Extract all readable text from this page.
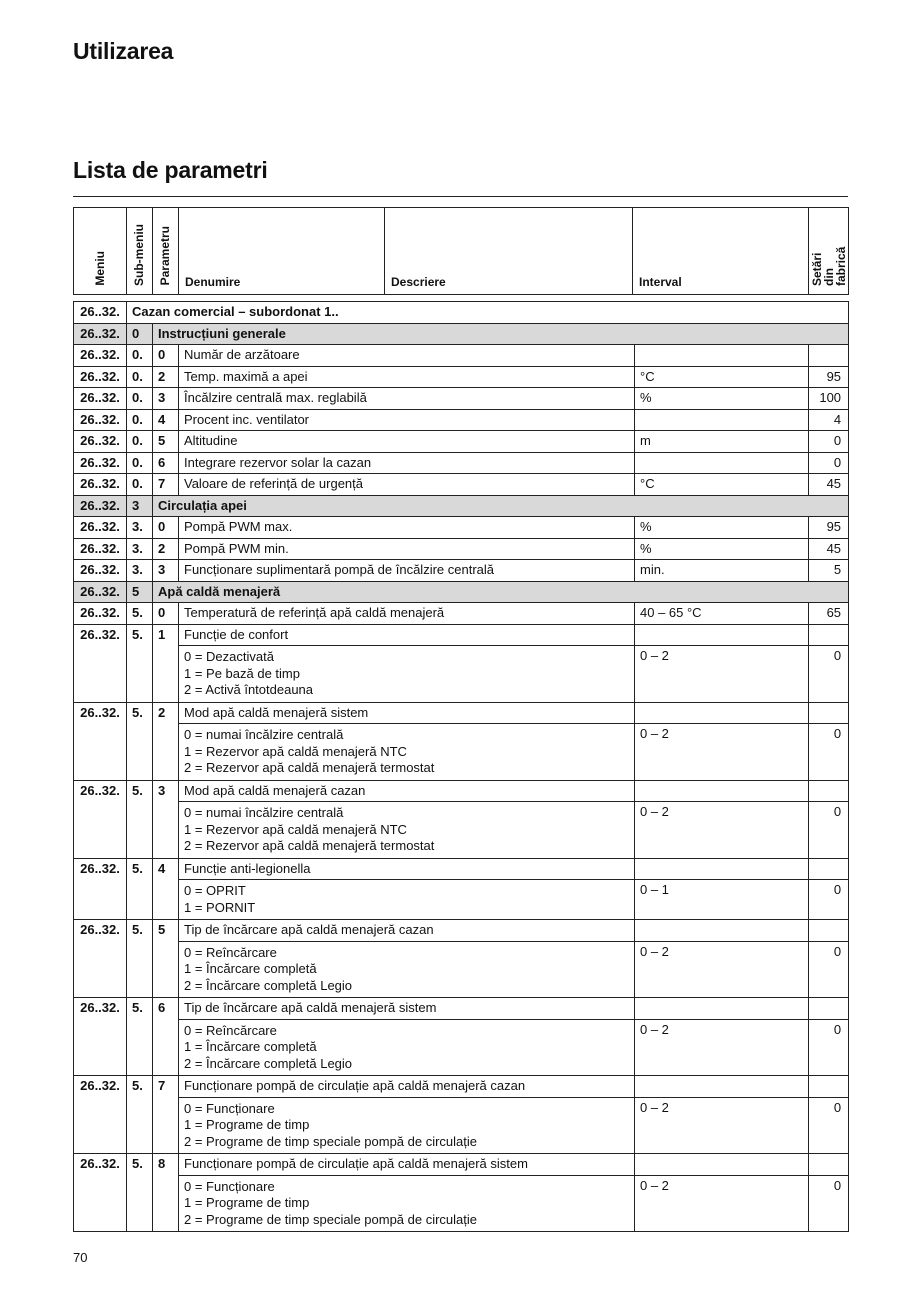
Utilizarea
Lista de parametri
Meniu	Sub-meniu	Parametru	Denumire	Descriere	Interval	Setări din fabrică
26..32.	Cazan comercial – subordonat 1..				
26..32.	0	Instrucțiuni generale			
26..32.	0.	0	Număr de arzătoare		
26..32.	0.	2	Temp. maximă a apei	°C	95
26..32.	0.	3	Încălzire centrală max. reglabilă	%	100
26..32.	0.	4	Procent inc. ventilator		4
26..32.	0.	5	Altitudine	m	0
26..32.	0.	6	Integrare rezervor solar la cazan		0
26..32.	0.	7	Valoare de referință de urgență	°C	45
26..32.	3	Circulația apei			
26..32.	3.	0	Pompă PWM max.	%	95
26..32.	3.	2	Pompă PWM min.	%	45
26..32.	3.	3	Funcționare suplimentară pompă de încălzire centrală	min.	5
26..32.	5	Apă caldă menajeră			
26..32.	5.	0	Temperatură de referință apă caldă menajeră	40 – 65 °C	65
26..32.	5.	1	Funcție de confort		

			0 = Dezactivată
1 = Pe bază de timp
2 = Activă întotdeauna	0 – 2	0
26..32.	5.	2	Mod apă caldă menajeră sistem		

			0 = numai încălzire centrală
1 = Rezervor apă caldă menajeră NTC
2 = Rezervor apă caldă menajeră termostat	0 – 2	0
26..32.	5.	3	Mod apă caldă menajeră cazan		

			0 = numai încălzire centrală
1 = Rezervor apă caldă menajeră NTC
2 = Rezervor apă caldă menajeră termostat	0 – 2	0
26..32.	5.	4	Funcție anti-legionella		

			0 = OPRIT
1 = PORNIT	0 – 1	0
26..32.	5.	5	Tip de încărcare apă caldă menajeră cazan		

			0 = Reîncărcare
1 = Încărcare completă
2 = Încărcare completă Legio	0 – 2	0
26..32.	5.	6	Tip de încărcare apă caldă menajeră sistem		

			0 = Reîncărcare
1 = Încărcare completă
2 = Încărcare completă Legio	0 – 2	0
26..32.	5.	7	Funcționare pompă de circulație apă caldă menajeră cazan		

			0 = Funcționare
1 = Programe de timp
2 = Programe de timp speciale pompă de circulație	0 – 2	0
26..32.	5.	8	Funcționare pompă de circulație apă caldă menajeră sistem		

			0 = Funcționare
1 = Programe de timp
2 = Programe de timp speciale pompă de circulație	0 – 2	0
70
